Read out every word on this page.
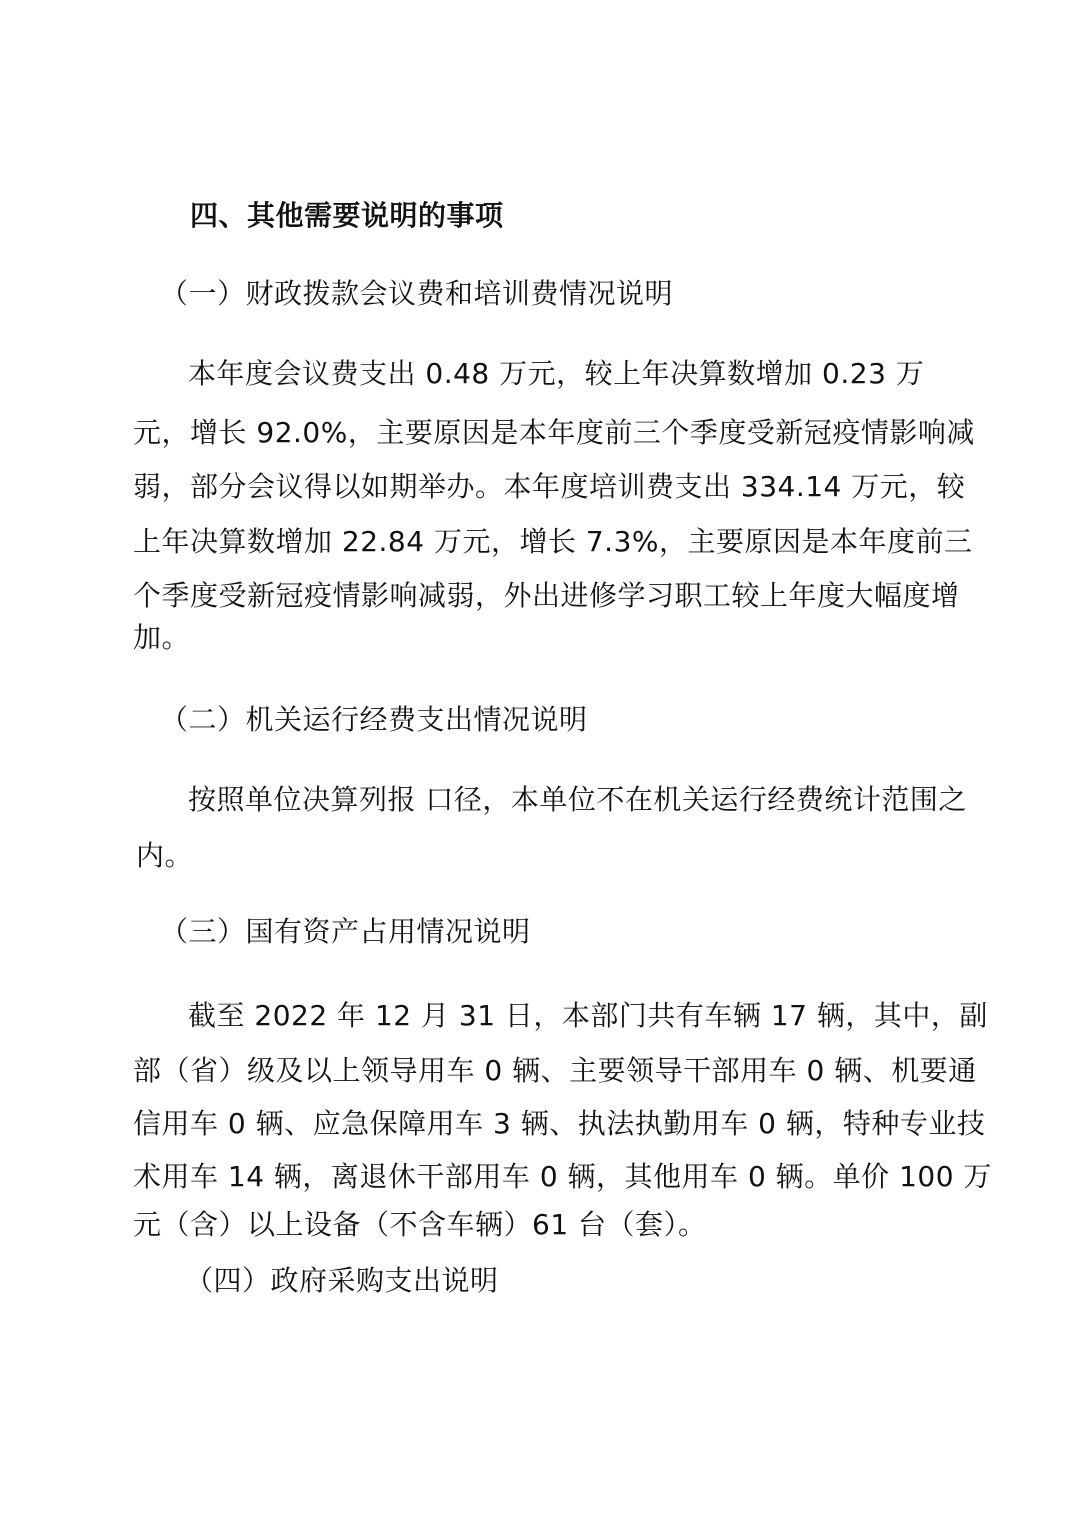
四、其他需要说明的事项
（一）财政拨款会议费和培训费情况说明
本年度会议费支出 0.48 万元，较上年决算数增加 0.23 万
元，增长 92.0%，主要原因是本年度前三个季度受新冠疫情影响减
弱，部分会议得以如期举办。本年度培训费支出 334.14 万元，较
上年决算数增加 22.84 万元，增长 7.3%，主要原因是本年度前三
个季度受新冠疫情影响减弱，外出进修学习职工较上年度大幅度增
加。
（二）机关运行经费支出情况说明
按照单位决算列报 口径，本单位不在机关运行经费统计范围之
内。
（三）国有资产占用情况说明
截至 2022 年 12 月 31 日，本部门共有车辆 17 辆，其中，副
部（省）级及以上领导用车 0 辆、主要领导干部用车 0 辆、机要通
信用车 0 辆、应急保障用车 3 辆、执法执勤用车 0 辆，特种专业技
术用车 14 辆，离退休干部用车 0 辆，其他用车 0 辆。单价 100 万
元（含）以上设备（不含车辆）61 台（套）。
（四）政府采购支出说明
